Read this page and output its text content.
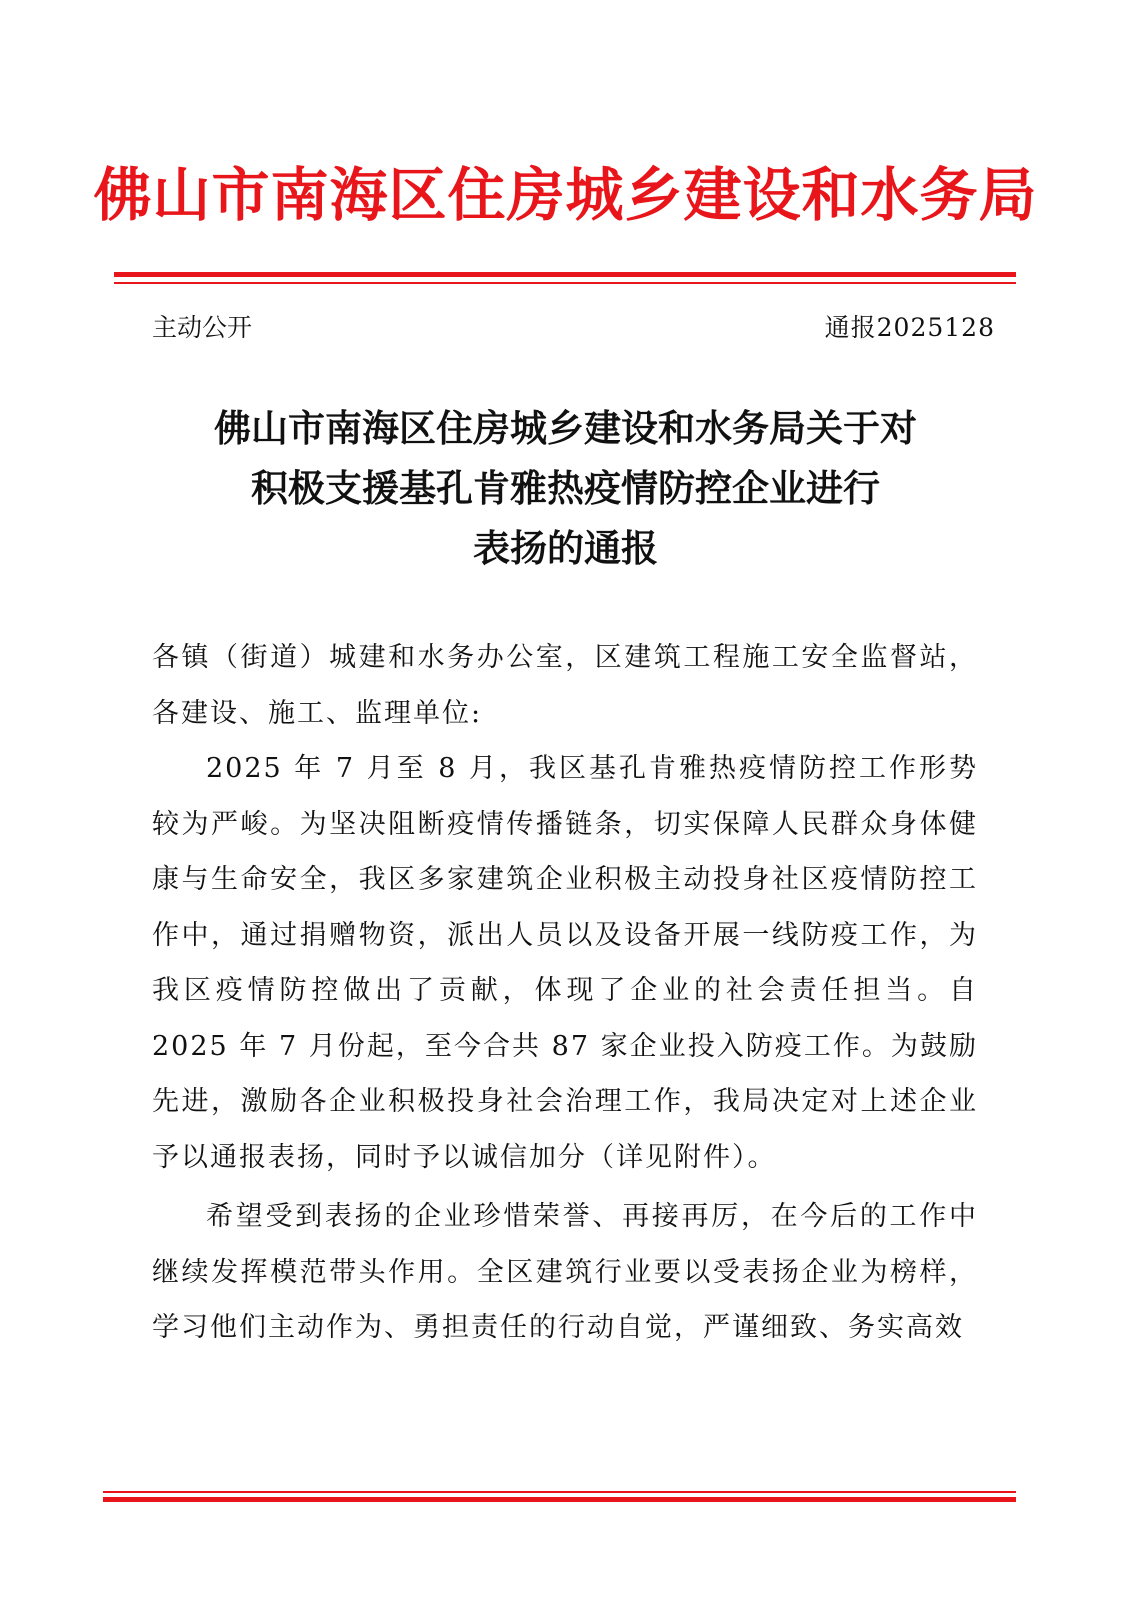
佛山市南海区住房城乡建设和水务局
主动公开	通报2025128
佛山市南海区住房城乡建设和水务局关于对
积极支援基孔肯雅热疫情防控企业进行
表扬的通报

各镇（街道）城建和水务办公室，区建筑工程施工安全监督站，各建设、施工、监理单位:

2025 年 7 月至 8 月，我区基孔肯雅热疫情防控工作形势较为严峻。为坚决阻断疫情传播链条，切实保障人民群众身体健康与生命安全，我区多家建筑企业积极主动投身社区疫情防控工作中，通过捐赠物资，派出人员以及设备开展一线防疫工作，为我区疫情防控做出了贡献，体现了企业的社会责任担当。自 2025 年 7 月份起，至今合共 87 家企业投入防疫工作。为鼓励先进，激励各企业积极投身社会治理工作，我局决定对上述企业予以通报表扬，同时予以诚信加分（详见附件）。

希望受到表扬的企业珍惜荣誉、再接再厉，在今后的工作中继续发挥模范带头作用。全区建筑行业要以受表扬企业为榜样，学习他们主动作为、勇担责任的行动自觉，严谨细致、务实高效
